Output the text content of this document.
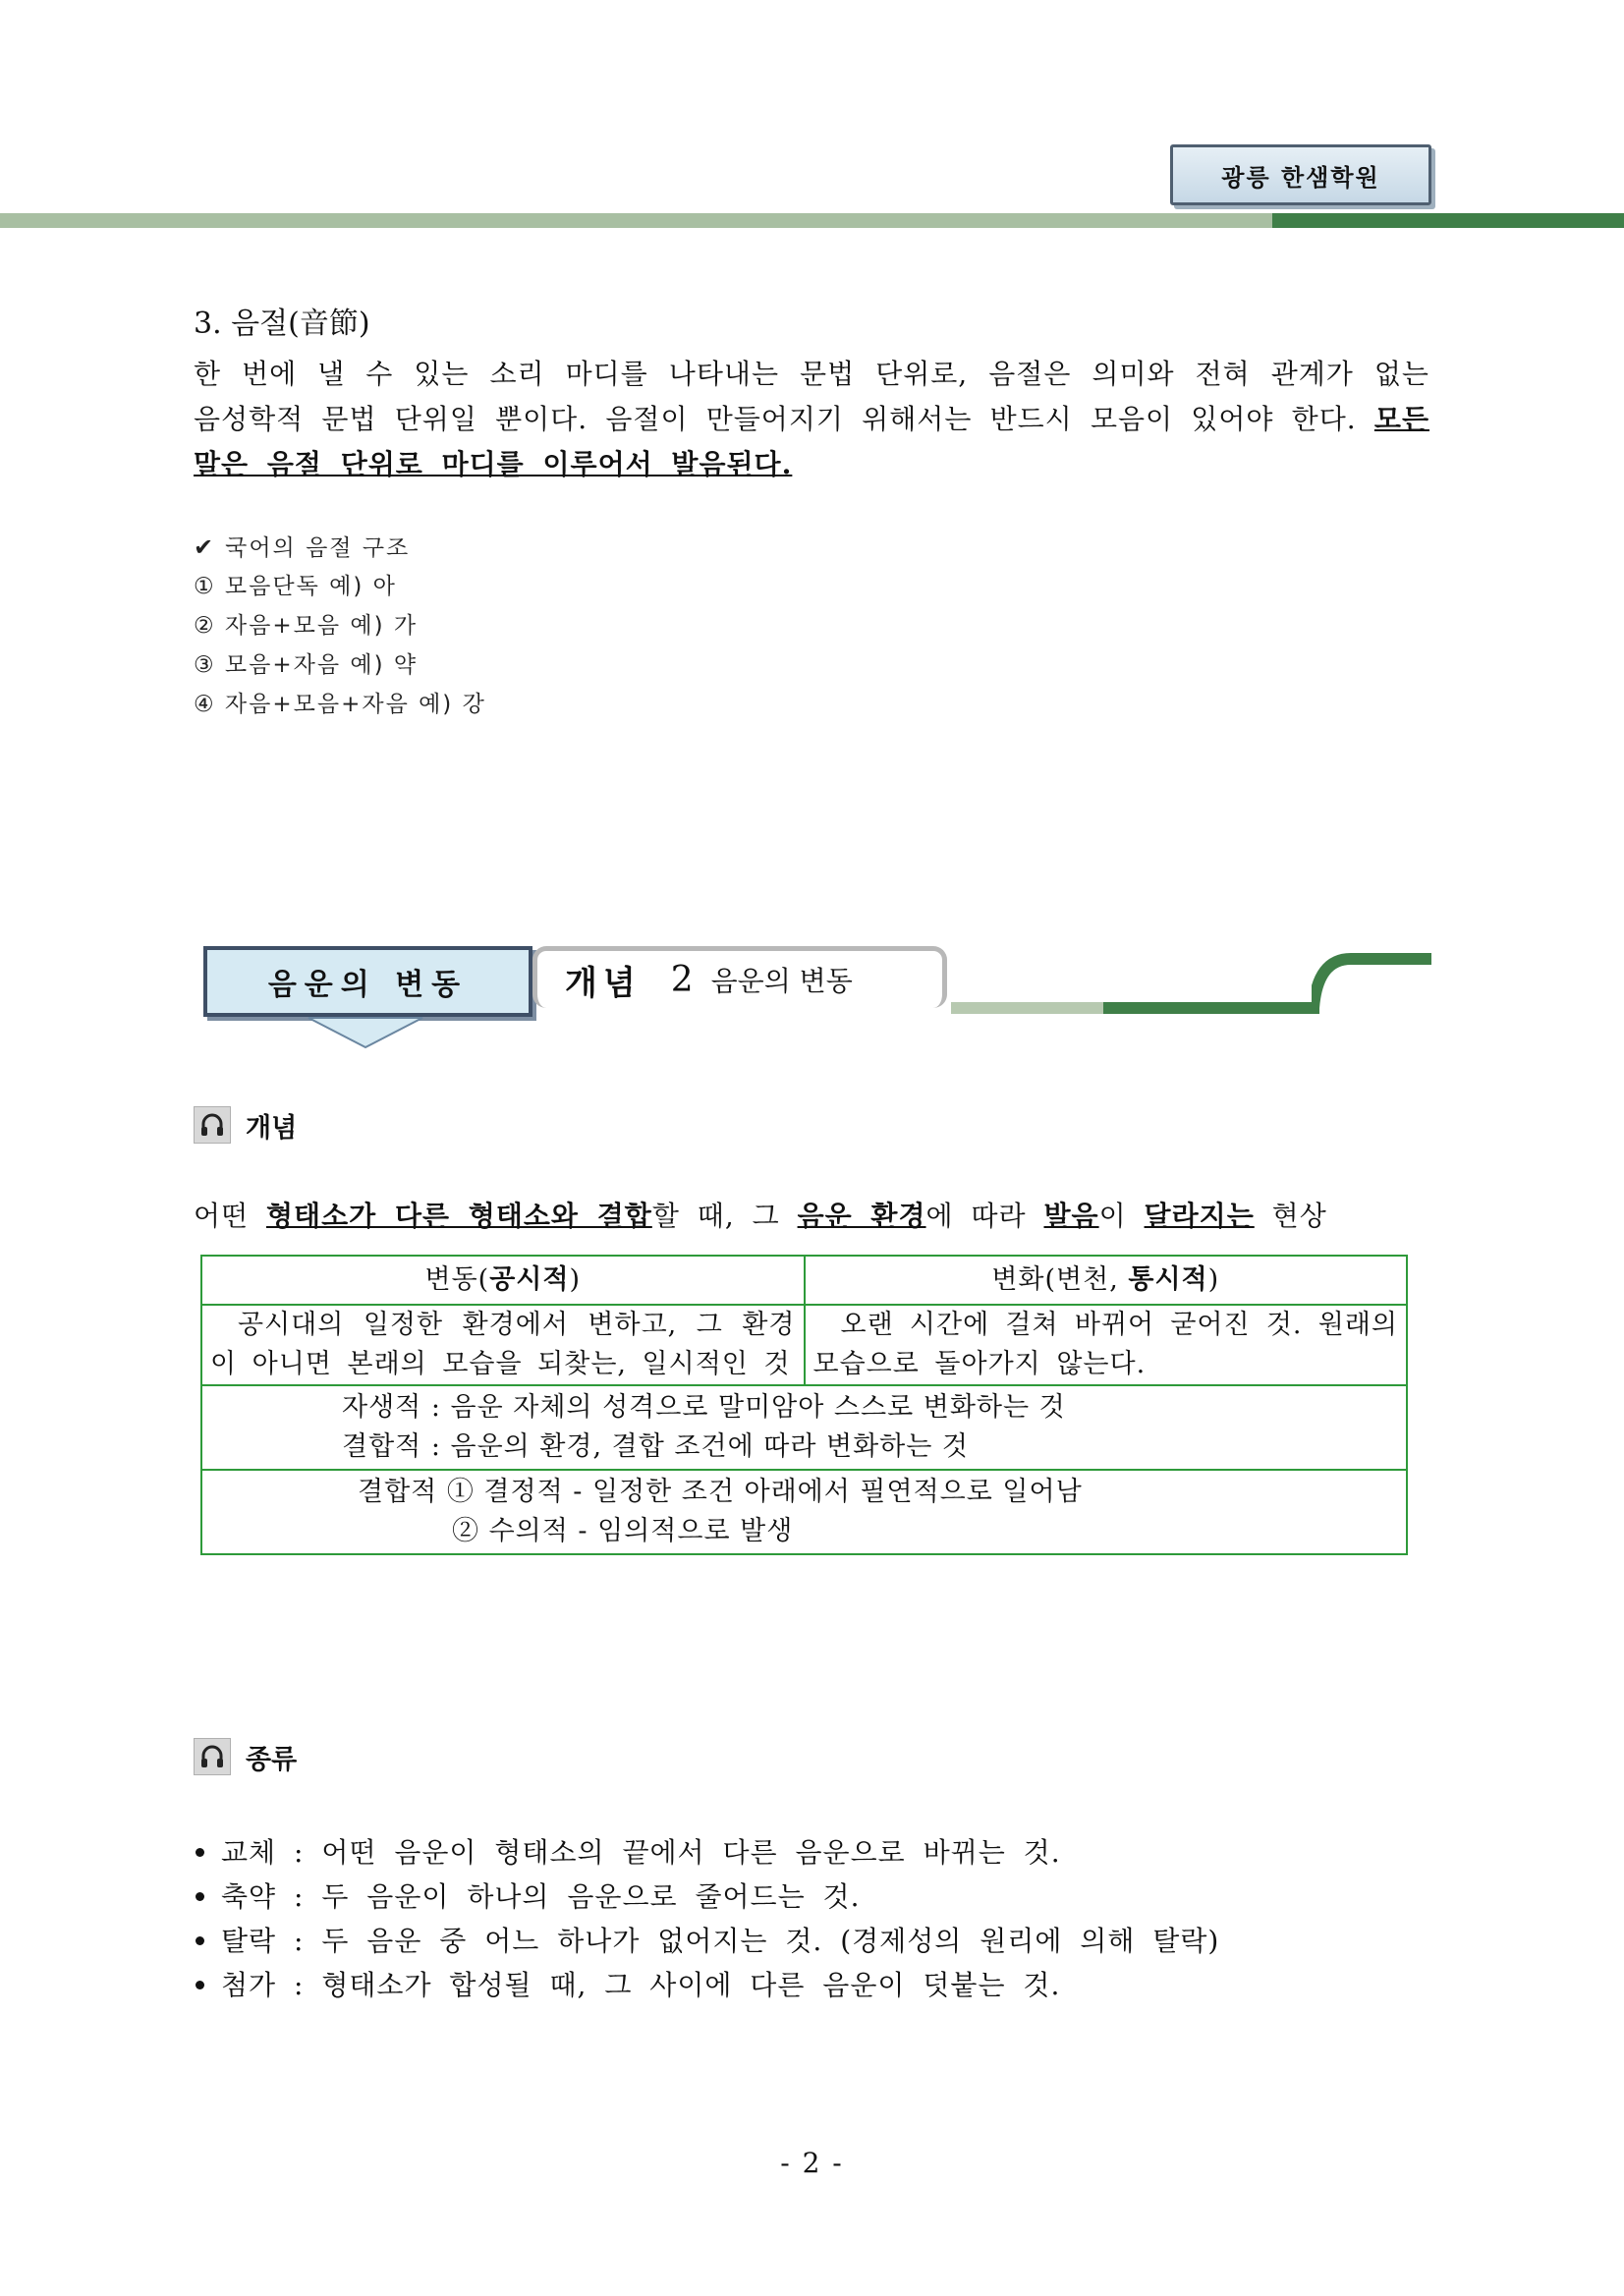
광릉 한샘학원
3. 음절(音節)
한 번에 낼 수 있는 소리 마디를 나타내는 문법 단위로, 음절은 의미와 전혀 관계가 없는 음성학적 문법 단위일 뿐이다. 음절이 만들어지기 위해서는 반드시 모음이 있어야 한다. 모든 말은 음절 단위로 마디를 이루어서 발음된다.
✔ 국어의 음절 구조
① 모음단독 예) 아
② 자음+모음 예) 가
③ 모음+자음 예) 약
④ 자음+모음+자음 예) 강
음운의 변동	개념 2 음운의 변동
개념
어떤 형태소가 다른 형태소와 결합할 때, 그 음운 환경에 따라 발음이 달라지는 현상
변동(공시적)	변화(변천, 통시적)
공시대의 일정한 환경에서 변하고, 그 환경이 아니면 본래의 모습을 되찾는, 일시적인 것	오랜 시간에 걸쳐 바뀌어 굳어진 것. 원래의 모습으로 돌아가지 않는다.

자생적 : 음운 자체의 성격으로 말미암아 스스로 변화하는 것
결합적 : 음운의 환경, 결합 조건에 따라 변화하는 것	

결합적 ① 결정적 - 일정한 조건 아래에서 필연적으로 일어남
② 수의적 - 임의적으로 발생	
종류
교체 : 어떤 음운이 형태소의 끝에서 다른 음운으로 바뀌는 것.
축약 : 두 음운이 하나의 음운으로 줄어드는 것.
탈락 : 두 음운 중 어느 하나가 없어지는 것. (경제성의 원리에 의해 탈락)
첨가 : 형태소가 합성될 때, 그 사이에 다른 음운이 덧붙는 것.
- 2 -
